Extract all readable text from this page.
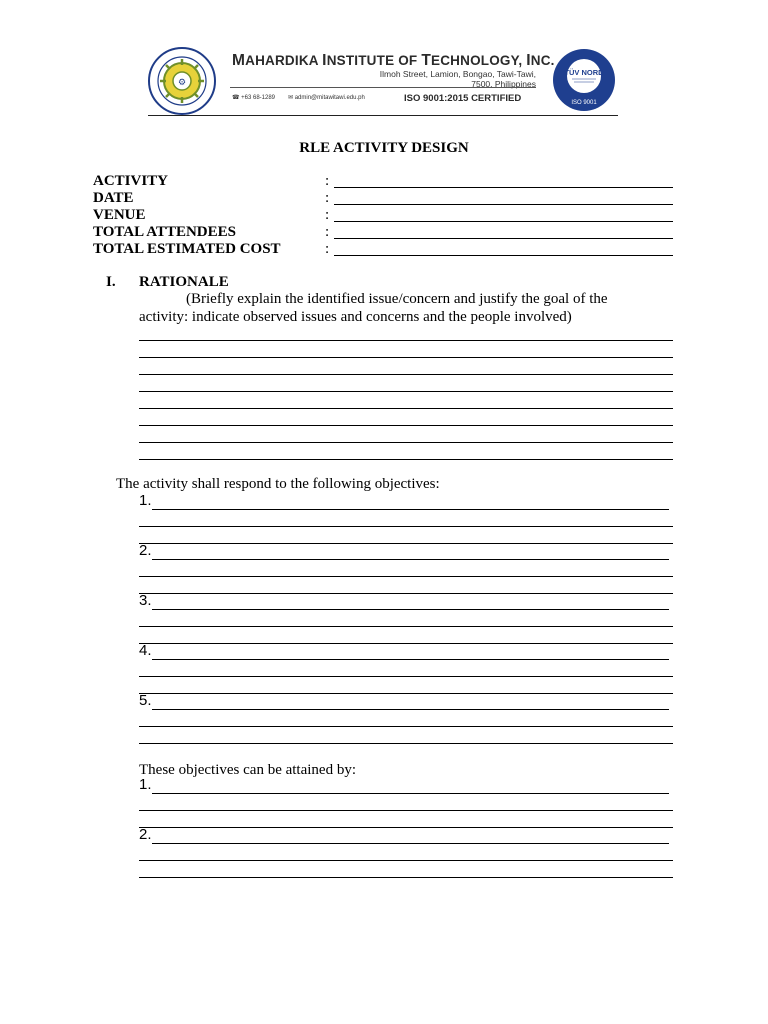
⚙
MAHARDIKA INSTITUTE OF TECHNOLOGY, INC.
Ilmoh Street, Lamion, Bongao, Tawi-Tawi,
7500, Philippines
☎ +63 68-1289 ✉ admin@mitawitawi.edu.ph	ISO 9001:2015 CERTIFIED
TÜV NORD
ISO 9001
RLE ACTIVITY DESIGN
ACTIVITY	:
DATE	:
VENUE	:
TOTAL ATTENDEES	:
TOTAL ESTIMATED COST	:
I. RATIONALE
(Briefly explain the identified issue/concern and justify the goal of the
activity: indicate observed issues and concerns and the people involved)
The activity shall respond to the following objectives:
1.
2.
3.
4.
5.
These objectives can be attained by:
1.
2.
